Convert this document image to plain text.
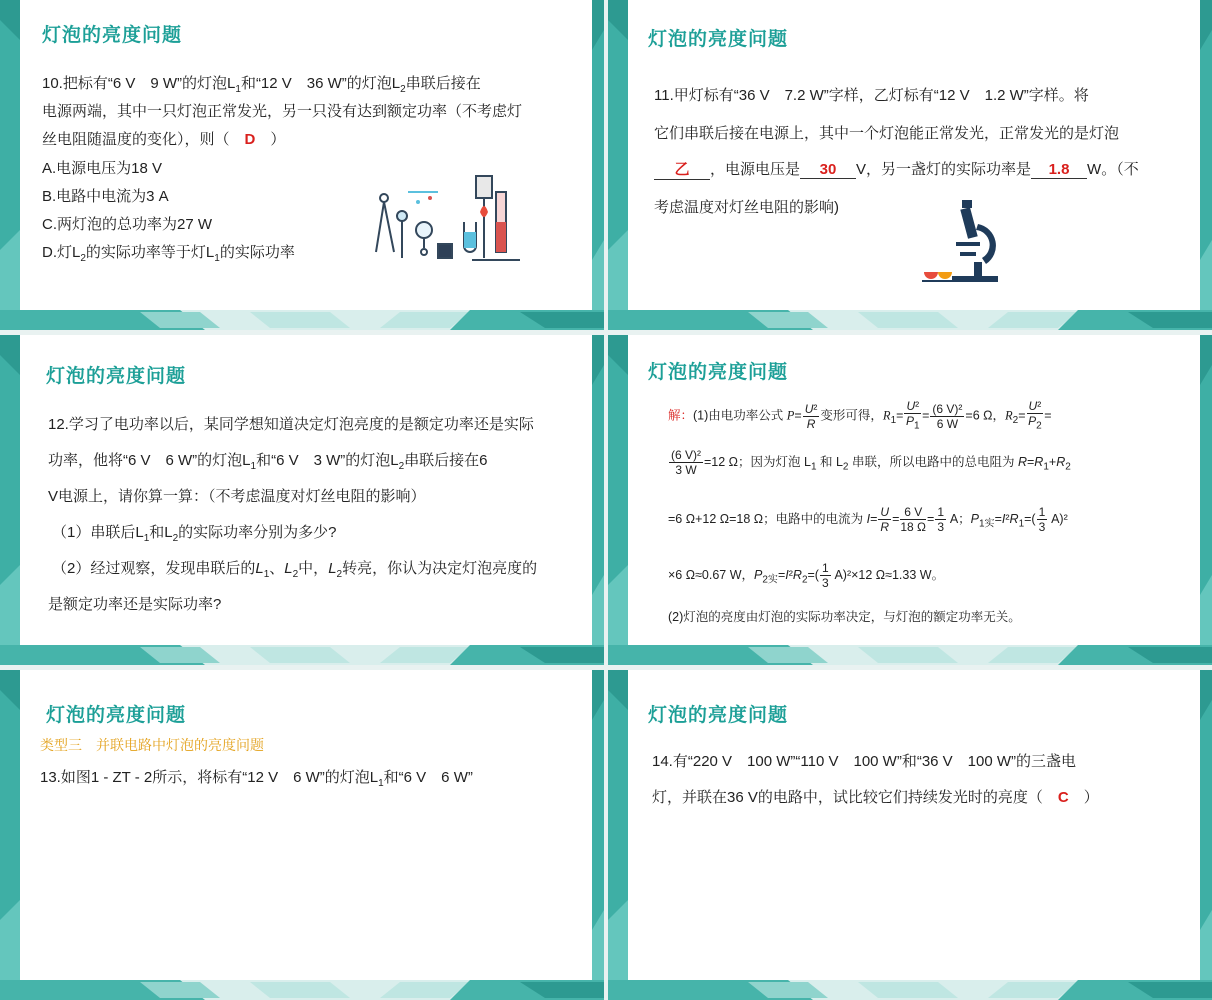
灯泡的亮度问题
10.把标有“6 V　9 W”的灯泡$L_1$和“12 V　36 W”的灯泡$L_2$串联后接在
电源两端，其中一只灯泡正常发光，另一只没有达到额定功率（不考虑灯
丝电阻随温度的变化），则（　 D　）
A.电源电压为18 V
B.电路中电流为3 A
C.两灯泡的总功率为27 W
D.灯$L_2$的实际功率等于灯$L_1$的实际功率
灯泡的亮度问题
11.甲灯标有“36 V　7.2 W”字样，乙灯标有“12 V　1.2 W”字样。将
它们串联后接在电源上，其中一个灯泡能正常发光，正常发光的是灯泡
乙 ，电源电压是 30 V，另一盏灯的实际功率是 1.8 W。（不
考虑温度对灯丝电阻的影响)
灯泡的亮度问题
12.学习了电功率以后，某同学想知道决定灯泡亮度的是额定功率还是实际
功率，他将“6 V　6 W”的灯泡$L_1$和“6 V　3 W”的灯泡$L_2$串联后接在6
V电源上，请你算一算：（不考虑温度对灯丝电阻的影响）
（1）串联后$L_1$和$L_2$的实际功率分别为多少?
（2）经过观察，发现串联后的$L_1$、$L_2$中，$L_2$转亮，你认为决定灯泡亮度的
是额定功率还是实际功率?
灯泡的亮度问题
解：(1)由电功率公式 $P= \frac{\text{U²}}{R}$ 变形可得，$R_1= \frac{\text{U²}}{P_1} = \frac{\text{(6 V)²}}{6 W} =6$ Ω，$R_2= \frac{\text{U²}}{P_2}$ =
$\frac{\text{(6 V)²}}{3 W} =12$ Ω；因为灯泡 $L_1$ 和 $L_2$ 串联，所以电路中的总电阻为 $R=R_1+R_2$
=6 Ω+12 Ω=18 Ω；电路中的电流为 $I= \frac{U}{R} = \frac{6 V}{18 \Omega} = \frac{1}{3}$ A；$P_{1实}=I^2R_1=( \frac{1}{3} A)^2$
×6 Ω≈0.67 W，$P_{2实}=I^2R_2=( \frac{1}{3} A)^2\times 12$ Ω≈1.33 W。
(2)灯泡的亮度由灯泡的实际功率决定，与灯泡的额定功率无关。
灯泡的亮度问题
类型三　并联电路中灯泡的亮度问题
13.如图1 - ZT - 2所示，将标有“12 V　6 W”的灯泡$L_1$和“6 V　6 W”
灯泡的亮度问题
14.有“220 V　100 W”“110 V　100 W”和“36 V　100 W”的三盏电
灯，并联在36 V的电路中，试比较它们持续发光时的亮度（　 C　）
